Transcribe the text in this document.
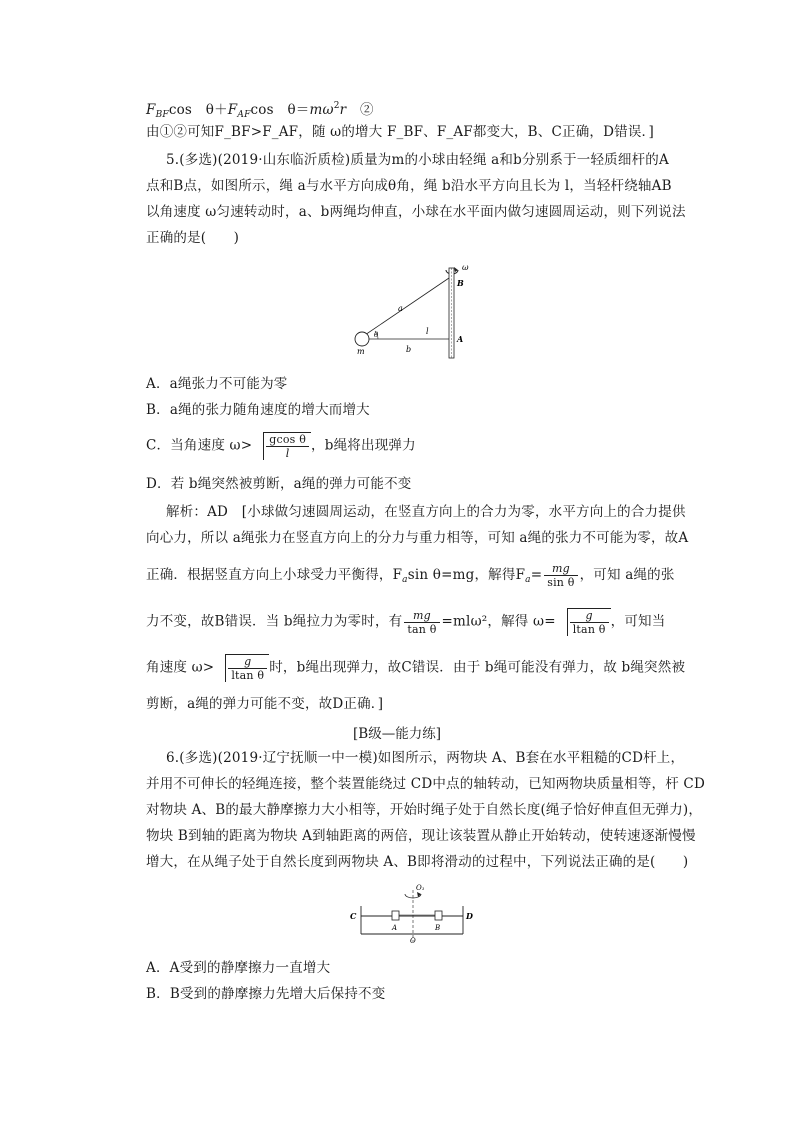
$F_{BF}\cos$　$\theta+F_{AF}\cos$　$\theta=m\omega^2r$　②
由①②可知F_BF>F_AF，随 ω的增大 F_BF、F_AF都变大，B、C正确，D错误．]
5.(多选)(2019·山东临沂质检)质量为m的小球由轻绳 a和b分别系于一轻质细杆的A
点和B点，如图所示，绳 a与水平方向成θ角，绳 b沿水平方向且长为 l，当轻杆绕轴AB
以角速度 ω匀速转动时，a、b两绳均伸直，小球在水平面内做匀速圆周运动，则下列说法
正确的是(　　)
ω
B
A
a
b
l
θ
m
A．a绳张力不可能为零
B．a绳的张力随角速度的增大而增大
C．当角速度 $\omega> \frac{\text{gcos θ}}{l}$ ，b绳将出现弹力
D．若 b绳突然被剪断，a绳的弹力可能不变
解析：AD　[小球做匀速圆周运动，在竖直方向上的合力为零，水平方向上的合力提供
向心力，所以 a绳张力在竖直方向上的分力与重力相等，可知 a绳的张力不可能为零，故A
正确．根据竖直方向上小球受力平衡得，$F_a\sin$ θ=mg，解得$F_a= \frac{mg}{\text{sin θ}}$ ，可知 a绳的张
力不变，故B错误．当 b绳拉力为零时，有 $\frac{mg}{\text{tan θ}} =ml\omega^2$，解得 $\omega= \frac{g}{\text{ltan θ}}$ ，可知当
角速度 $\omega> \frac{g}{\text{ltan θ}}$ 时，b绳出现弹力，故C错误．由于 b绳可能没有弹力，故 b绳突然被
剪断，a绳的弹力可能不变，故D正确．]
[B级—能力练]
6.(多选)(2019·辽宁抚顺一中一模)如图所示，两物块 A、B套在水平粗糙的CD杆上，
并用不可伸长的轻绳连接，整个装置能绕过 CD中点的轴转动，已知两物块质量相等，杆 CD
对物块 A、B的最大静摩擦力大小相等，开始时绳子处于自然长度(绳子恰好伸直但无弹力)，
物块 B到轴的距离为物块 A到轴距离的两倍，现让该装置从静止开始转动，使转速逐渐慢慢
增大，在从绳子处于自然长度到两物块 A、B即将滑动的过程中，下列说法正确的是(　　)
O₁
C	D
A	B
O
A．A受到的静摩擦力一直增大
B．B受到的静摩擦力先增大后保持不变
